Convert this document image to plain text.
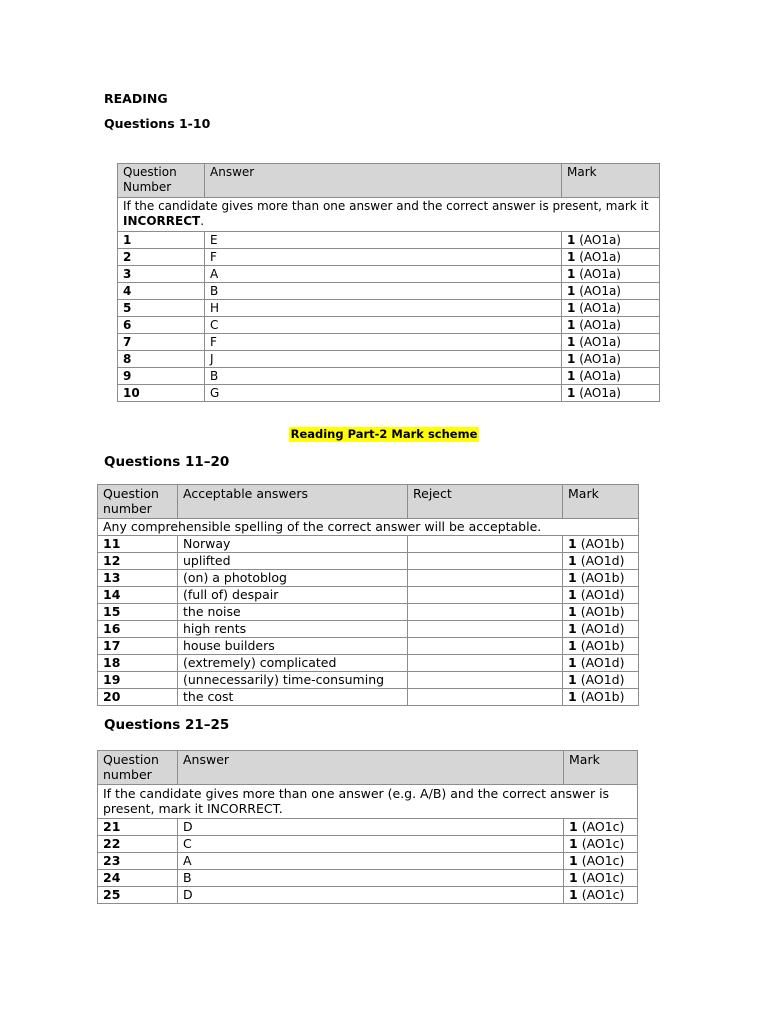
READING
Questions 1-10
Question Number	Answer	Mark
If the candidate gives more than one answer and the correct answer is present, mark it INCORRECT.		
1	E	1 (AO1a)
2	F	1 (AO1a)
3	A	1 (AO1a)
4	B	1 (AO1a)
5	H	1 (AO1a)
6	C	1 (AO1a)
7	F	1 (AO1a)
8	J	1 (AO1a)
9	B	1 (AO1a)
10	G	1 (AO1a)
Reading Part-2 Mark scheme
Questions 11–20
Question number	Acceptable answers	Reject	Mark
Any comprehensible spelling of the correct answer will be acceptable.			
11	Norway		1 (AO1b)
12	uplifted		1 (AO1d)
13	(on) a photoblog		1 (AO1b)
14	(full of) despair		1 (AO1d)
15	the noise		1 (AO1b)
16	high rents		1 (AO1d)
17	house builders		1 (AO1b)
18	(extremely) complicated		1 (AO1d)
19	(unnecessarily) time-consuming		1 (AO1d)
20	the cost		1 (AO1b)
Questions 21–25
Question number	Answer	Mark
If the candidate gives more than one answer (e.g. A/B) and the correct answer is present, mark it INCORRECT.		
21	D	1 (AO1c)
22	C	1 (AO1c)
23	A	1 (AO1c)
24	B	1 (AO1c)
25	D	1 (AO1c)
